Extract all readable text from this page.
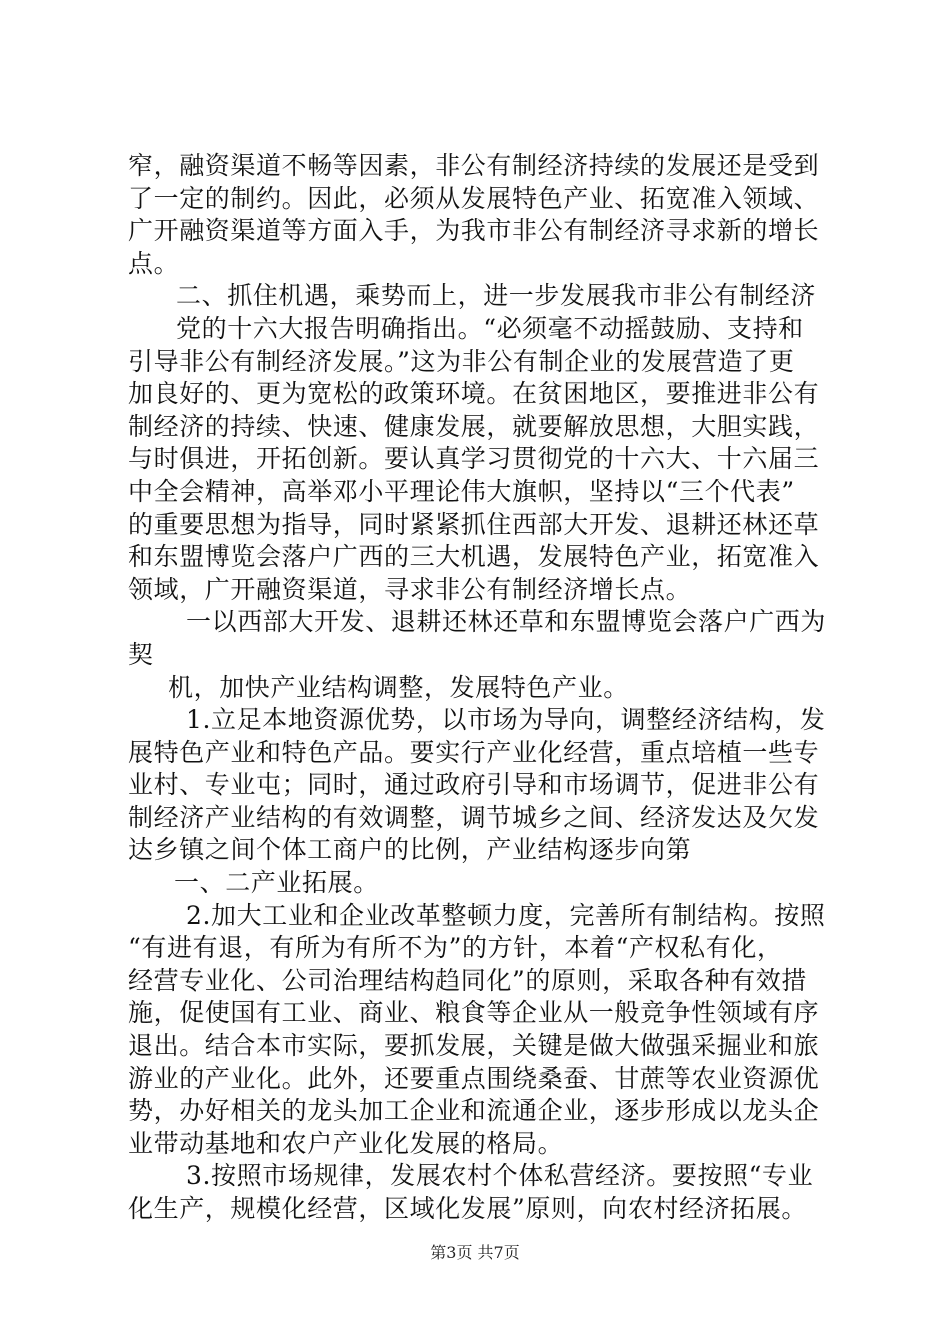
窄，融资渠道不畅等因素，非公有制经济持续的发展还是受到
了一定的制约。因此，必须从发展特色产业、拓宽准入领域、
广开融资渠道等方面入手，为我市非公有制经济寻求新的增长
点。
二、抓住机遇，乘势而上，进一步发展我市非公有制经济
党的十六大报告明确指出。“必须毫不动摇鼓励、支持和
引导非公有制经济发展。”这为非公有制企业的发展营造了更
加良好的、更为宽松的政策环境。在贫困地区，要推进非公有
制经济的持续、快速、健康发展，就要解放思想，大胆实践，
与时俱进，开拓创新。要认真学习贯彻党的十六大、十六届三
中全会精神，高举邓小平理论伟大旗帜，坚持以“三个代表”
的重要思想为指导，同时紧紧抓住西部大开发、退耕还林还草
和东盟博览会落户广西的三大机遇，发展特色产业，拓宽准入
领域，广开融资渠道，寻求非公有制经济增长点。
一以西部大开发、退耕还林还草和东盟博览会落户广西为
契
机，加快产业结构调整，发展特色产业。
1.立足本地资源优势，以市场为导向，调整经济结构，发
展特色产业和特色产品。要实行产业化经营，重点培植一些专
业村、专业屯；同时，通过政府引导和市场调节，促进非公有
制经济产业结构的有效调整，调节城乡之间、经济发达及欠发
达乡镇之间个体工商户的比例，产业结构逐步向第
一、二产业拓展。
2.加大工业和企业改革整顿力度，完善所有制结构。按照
“有进有退，有所为有所不为”的方针，本着“产权私有化，
经营专业化、公司治理结构趋同化”的原则，采取各种有效措
施，促使国有工业、商业、粮食等企业从一般竞争性领域有序
退出。结合本市实际，要抓发展，关键是做大做强采掘业和旅
游业的产业化。此外，还要重点围绕桑蚕、甘蔗等农业资源优
势，办好相关的龙头加工企业和流通企业，逐步形成以龙头企
业带动基地和农户产业化发展的格局。
3.按照市场规律，发展农村个体私营经济。要按照“专业
化生产，规模化经营，区域化发展”原则，向农村经济拓展。
第3页 共7页
